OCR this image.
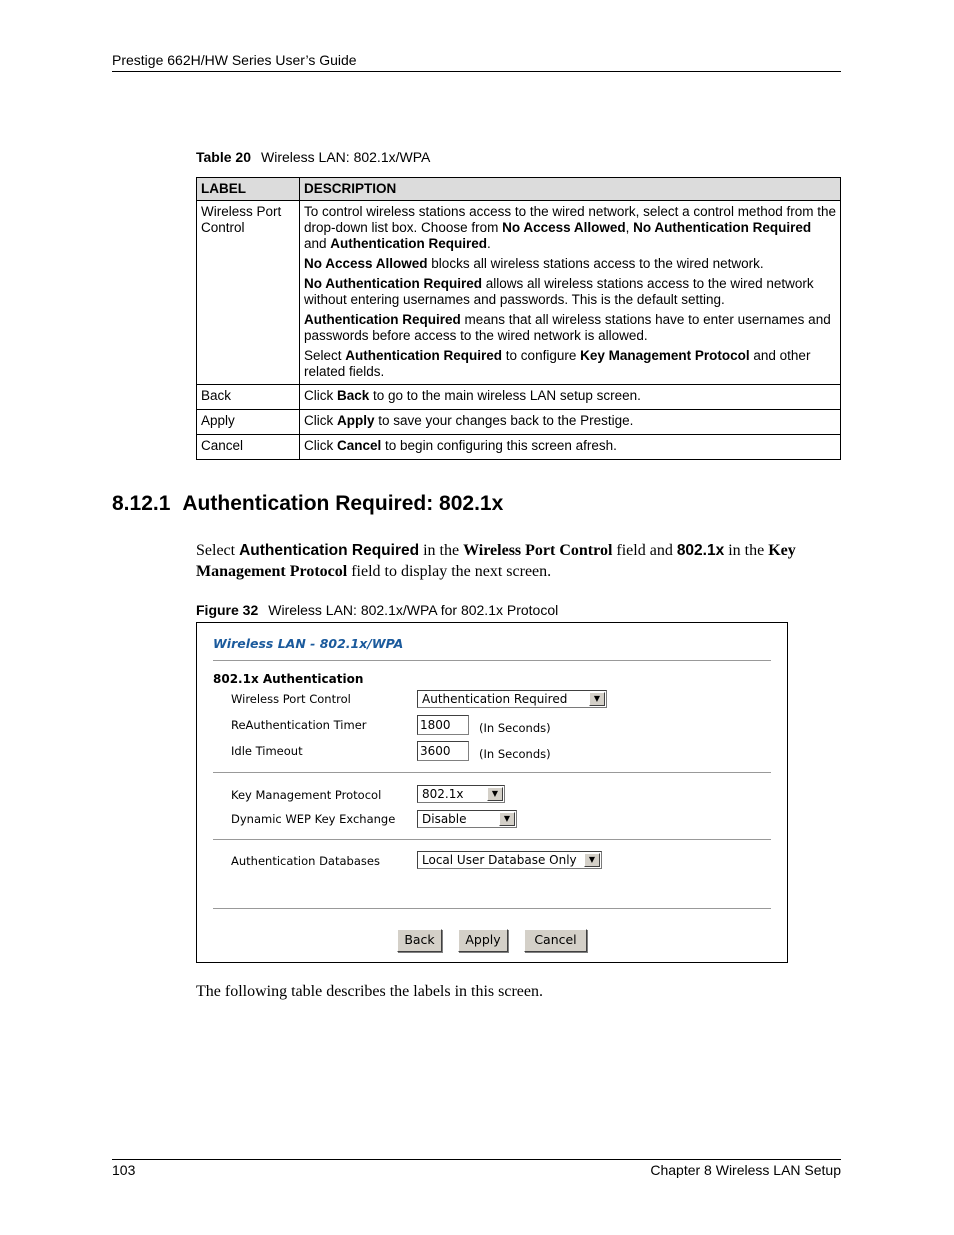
Prestige 662H/HW Series User’s Guide
Table 20 Wireless LAN: 802.1x/WPA
LABEL	DESCRIPTION
Wireless Port Control	To control wireless stations access to the wired network, select a control method from the drop-down list box. Choose from No Access Allowed, No Authentication Required and Authentication Required.

No Access Allowed blocks all wireless stations access to the wired network.

No Authentication Required allows all wireless stations access to the wired network without entering usernames and passwords. This is the default setting.

Authentication Required means that all wireless stations have to enter usernames and passwords before access to the wired network is allowed.

Select Authentication Required to configure Key Management Protocol and other related fields.

Back	Click Back to go to the main wireless LAN setup screen.
Apply	Click Apply to save your changes back to the Prestige.
Cancel	Click Cancel to begin configuring this screen afresh.
8.12.1 Authentication Required: 802.1x
Select Authentication Required in the Wireless Port Control field and 802.1x in the Key Management Protocol field to display the next screen.
Figure 32 Wireless LAN: 802.1x/WPA for 802.1x Protocol
Wireless LAN - 802.1x/WPA
802.1x Authentication
Wireless Port Control	Authentication Required	▼
ReAuthentication Timer	1800 (In Seconds)
Idle Timeout	3600 (In Seconds)
Key Management Protocol	802.1x	▼
Dynamic WEP Key Exchange Disable	▼
Authentication Databases	Local User Database Only	▼
Back	Apply	Cancel
The following table describes the labels in this screen.
103	Chapter 8 Wireless LAN Setup
